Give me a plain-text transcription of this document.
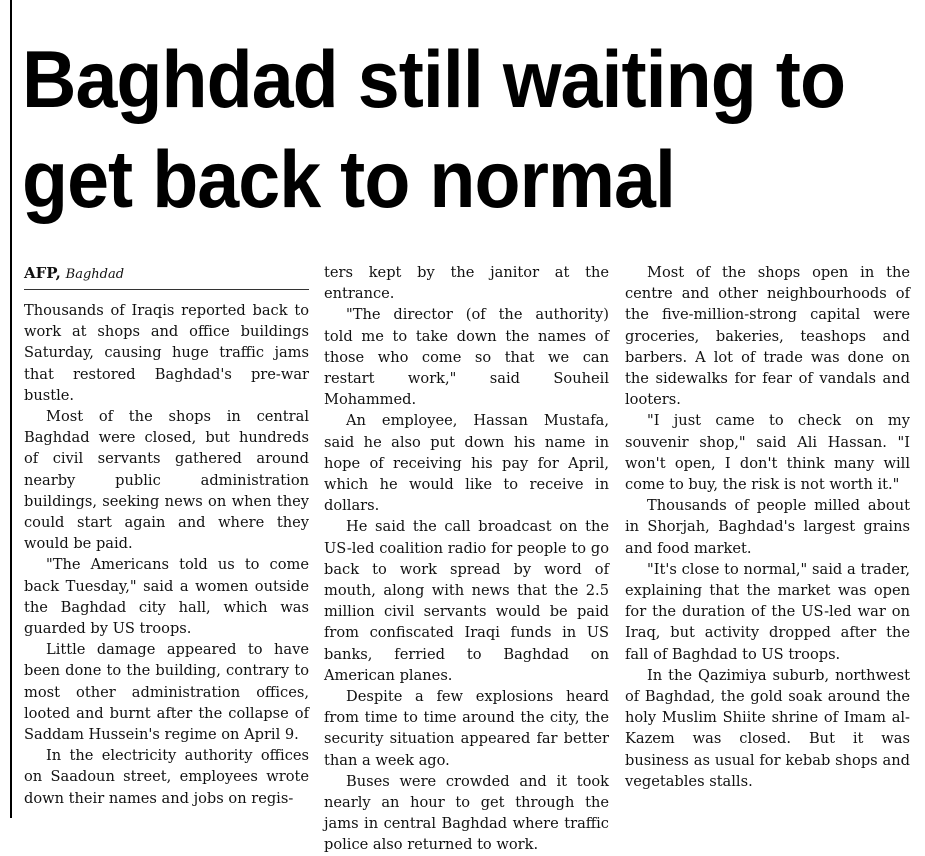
Baghdad still waiting to
get back to normal
AFP, Baghdad

Thousands of Iraqis reported back to work at shops and office buildings Saturday, causing huge traffic jams that restored Baghdad's pre-war bustle.

Most of the shops in central Baghdad were closed, but hundreds of civil servants gathered around nearby public administration buildings, seeking news on when they could start again and where they would be paid.

"The Americans told us to come back Tuesday," said a women outside the Baghdad city hall, which was guarded by US troops.

Little damage appeared to have been done to the building, contrary to most other administration offices, looted and burnt after the collapse of Saddam Hussein's regime on April 9.

In the electricity authority offices on Saadoun street, employees wrote down their names and jobs on regis-

ters kept by the janitor at the entrance.

"The director (of the authority) told me to take down the names of those who come so that we can restart work," said Souheil Mohammed.

An employee, Hassan Mustafa, said he also put down his name in hope of receiving his pay for April, which he would like to receive in dollars.

He said the call broadcast on the US-led coalition radio for people to go back to work spread by word of mouth, along with news that the 2.5 million civil servants would be paid from confiscated Iraqi funds in US banks, ferried to Baghdad on American planes.

Despite a few explosions heard from time to time around the city, the security situation appeared far better than a week ago.

Buses were crowded and it took nearly an hour to get through the jams in central Baghdad where traffic police also returned to work.

Most of the shops open in the centre and other neighbourhoods of the five-million-strong capital were groceries, bakeries, teashops and barbers. A lot of trade was done on the sidewalks for fear of vandals and looters.

"I just came to check on my souvenir shop," said Ali Hassan. "I won't open, I don't think many will come to buy, the risk is not worth it."

Thousands of people milled about in Shorjah, Baghdad's largest grains and food market.

"It's close to normal," said a trader, explaining that the market was open for the duration of the US-led war on Iraq, but activity dropped after the fall of Baghdad to US troops.

In the Qazimiya suburb, northwest of Baghdad, the gold soak around the holy Muslim Shiite shrine of Imam al-Kazem was closed. But it was business as usual for kebab shops and vegetables stalls.
